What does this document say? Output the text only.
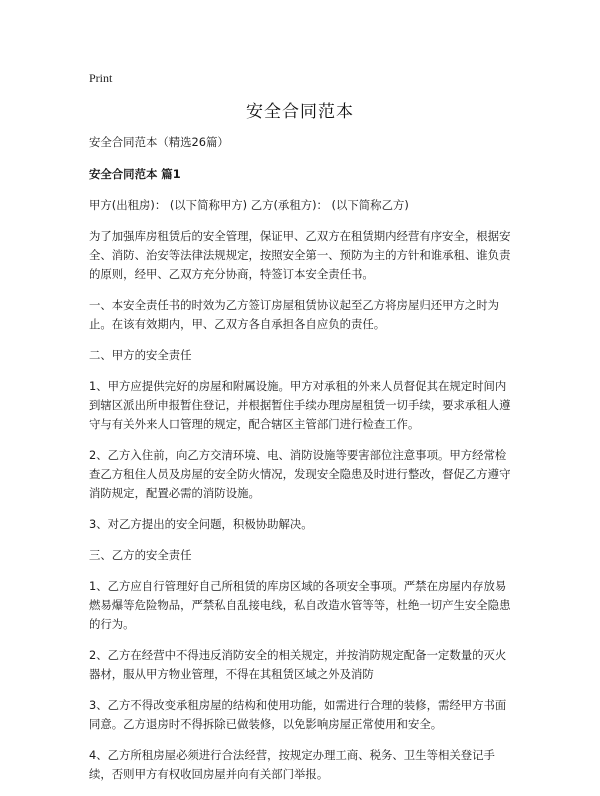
Print
安全合同范本

安全合同范本（精选26篇）

安全合同范本 篇1

甲方(出租房)： (以下简称甲方) 乙方(承租方)： (以下简称乙方)

为了加强库房租赁后的安全管理，保证甲、乙双方在租赁期内经营有序安全，根据安全、消防、治安等法律法规规定，按照安全第一、预防为主的方针和谁承租、谁负责的原则，经甲、乙双方充分协商，特签订本安全责任书。

一、本安全责任书的时效为乙方签订房屋租赁协议起至乙方将房屋归还甲方之时为止。在该有效期内，甲、乙双方各自承担各自应负的责任。

二、甲方的安全责任

1、甲方应提供完好的房屋和附属设施。甲方对承租的外来人员督促其在规定时间内到辖区派出所申报暂住登记，并根据暂住手续办理房屋租赁一切手续，要求承租人遵守与有关外来人口管理的规定，配合辖区主管部门进行检查工作。

2、乙方入住前，向乙方交清环境、电、消防设施等要害部位注意事项。甲方经常检查乙方租住人员及房屋的安全防火情况，发现安全隐患及时进行整改，督促乙方遵守消防规定，配置必需的消防设施。

3、对乙方提出的安全问题，积极协助解决。

三、乙方的安全责任

1、乙方应自行管理好自己所租赁的库房区域的各项安全事项。严禁在房屋内存放易燃易爆等危险物品，严禁私自乱接电线，私自改造水管等等，杜绝一切产生安全隐患的行为。

2、乙方在经营中不得违反消防安全的相关规定，并按消防规定配备一定数量的灭火器材，服从甲方物业管理，不得在其租赁区域之外及消防

3、乙方不得改变承租房屋的结构和使用功能，如需进行合理的装修，需经甲方书面同意。乙方退房时不得拆除已做装修，以免影响房屋正常使用和安全。

4、乙方所租房屋必须进行合法经营，按规定办理工商、税务、卫生等相关登记手续，否则甲方有权收回房屋并向有关部门举报。
